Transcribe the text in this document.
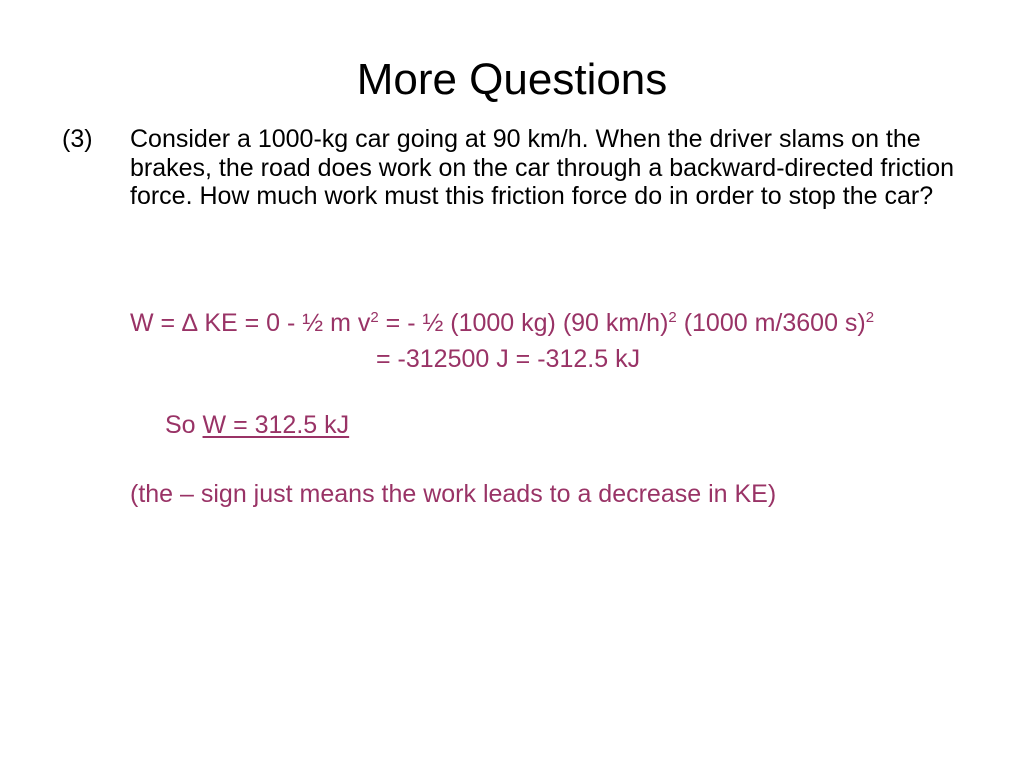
More Questions
(3) Consider a 1000-kg car going at 90 km/h. When the driver slams on the brakes, the road does work on the car through a backward-directed friction force. How much work must this friction force do in order to stop the car?
W = ∆ KE = 0 - ½ m $v^2$ = - ½ (1000 kg) (90 km/h)$^2$ (1000 m/3600 s)$^2$
= -312500 J = -312.5 kJ
So W = 312.5 kJ
(the – sign just means the work leads to a decrease in KE)
